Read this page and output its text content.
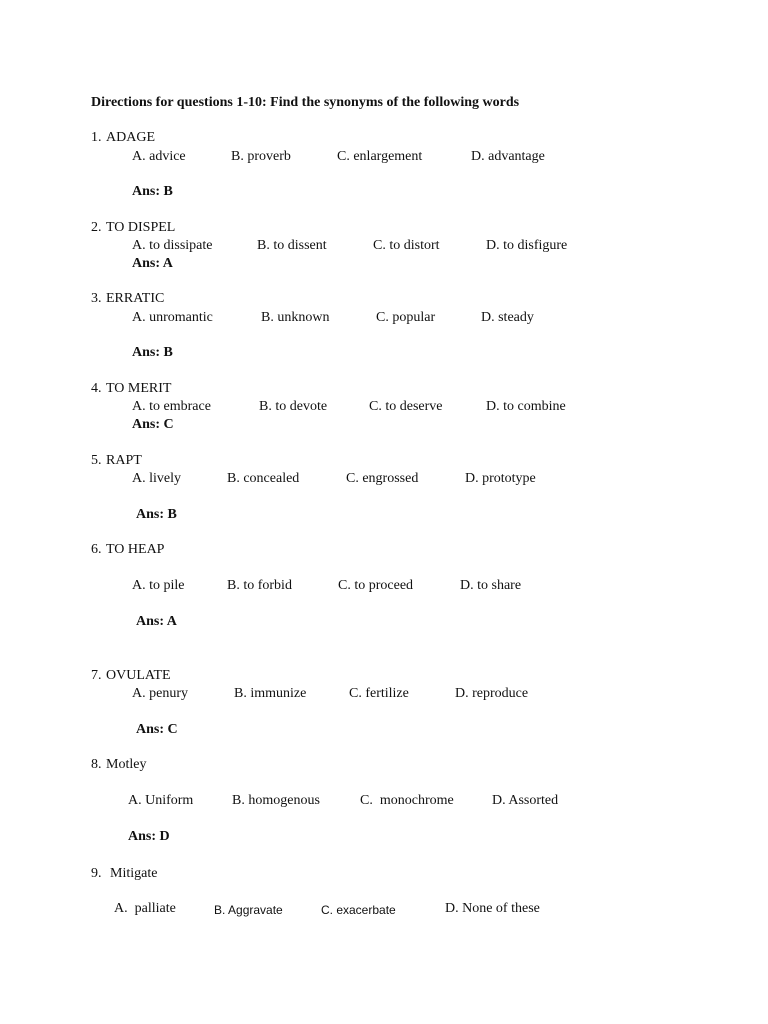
Directions for questions 1-10: Find the synonyms of the following words
1. ADAGE
A. advice	B. proverb	C. enlargement	D. advantage
Ans: B
2. TO DISPEL
A. to dissipate	B. to dissent	C. to distort	D. to disfigure
Ans: A
3. ERRATIC
A. unromantic	B. unknown	C. popular	D. steady
Ans: B
4. TO MERIT
A. to embrace	B. to devote	C. to deserve	D. to combine
Ans: C
5. RAPT
A. lively	B. concealed	C. engrossed	D. prototype
Ans: B
6. TO HEAP
A. to pile	B. to forbid	C. to proceed	D. to share
Ans: A
7. OVULATE
A. penury	B. immunize	C. fertilize	D. reproduce
Ans: C
8. Motley
A. Uniform	B. homogenous	C.  monochrome	D. Assorted
Ans: D
9. Mitigate
A.  palliate	B. Aggravate	C. exacerbate	D. None of these
